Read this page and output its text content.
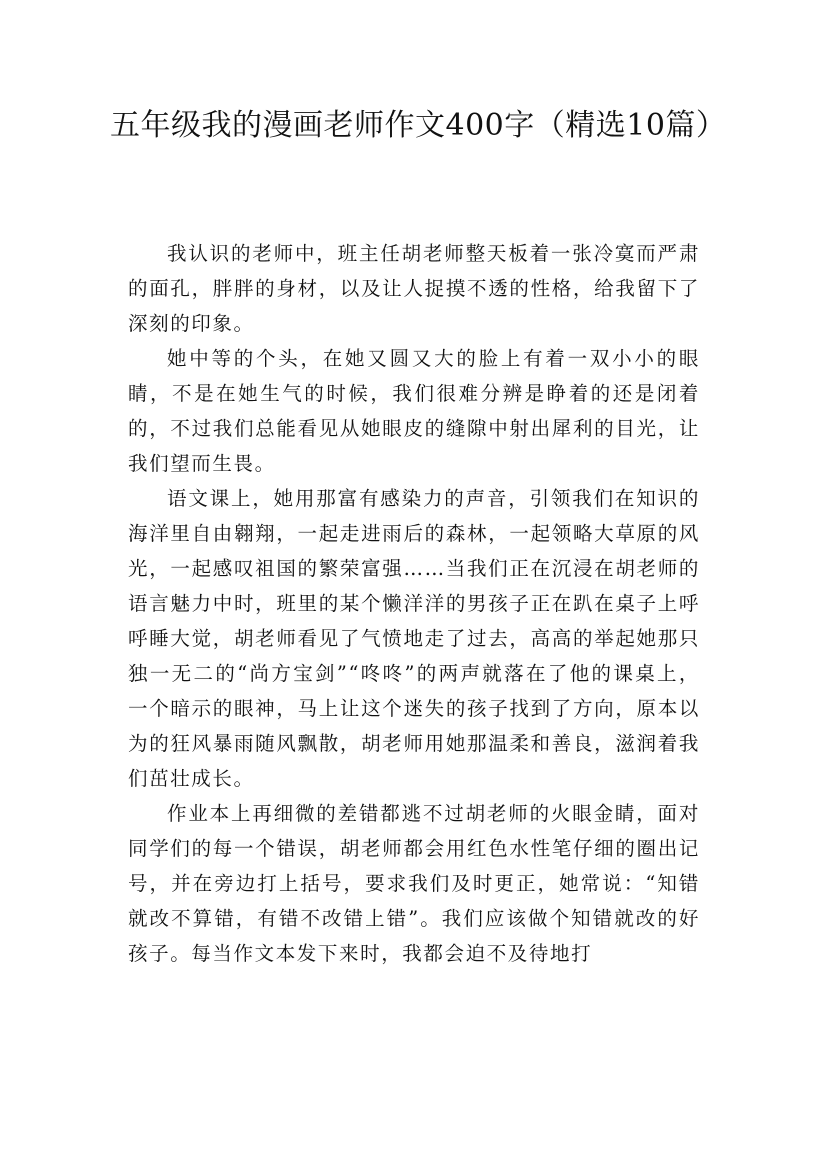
五年级我的漫画老师作文400字（精选10篇）

我认识的老师中，班主任胡老师整天板着一张冷寞而严肃的面孔，胖胖的身材，以及让人捉摸不透的性格，给我留下了深刻的印象。

她中等的个头，在她又圆又大的脸上有着一双小小的眼睛，不是在她生气的时候，我们很难分辨是睁着的还是闭着的，不过我们总能看见从她眼皮的缝隙中射出犀利的目光，让我们望而生畏。

语文课上，她用那富有感染力的声音，引领我们在知识的海洋里自由翱翔，一起走进雨后的森林，一起领略大草原的风光，一起感叹祖国的繁荣富强……当我们正在沉浸在胡老师的语言魅力中时，班里的某个懒洋洋的男孩子正在趴在桌子上呼呼睡大觉，胡老师看见了气愤地走了过去，高高的举起她那只独一无二的“尚方宝剑”“咚咚”的两声就落在了他的课桌上，一个暗示的眼神，马上让这个迷失的孩子找到了方向，原本以为的狂风暴雨随风飘散，胡老师用她那温柔和善良，滋润着我们茁壮成长。

作业本上再细微的差错都逃不过胡老师的火眼金睛，面对同学们的每一个错误，胡老师都会用红色水性笔仔细的圈出记号，并在旁边打上括号，要求我们及时更正，她常说：“知错就改不算错，有错不改错上错”。我们应该做个知错就改的好孩子。每当作文本发下来时，我都会迫不及待地打
